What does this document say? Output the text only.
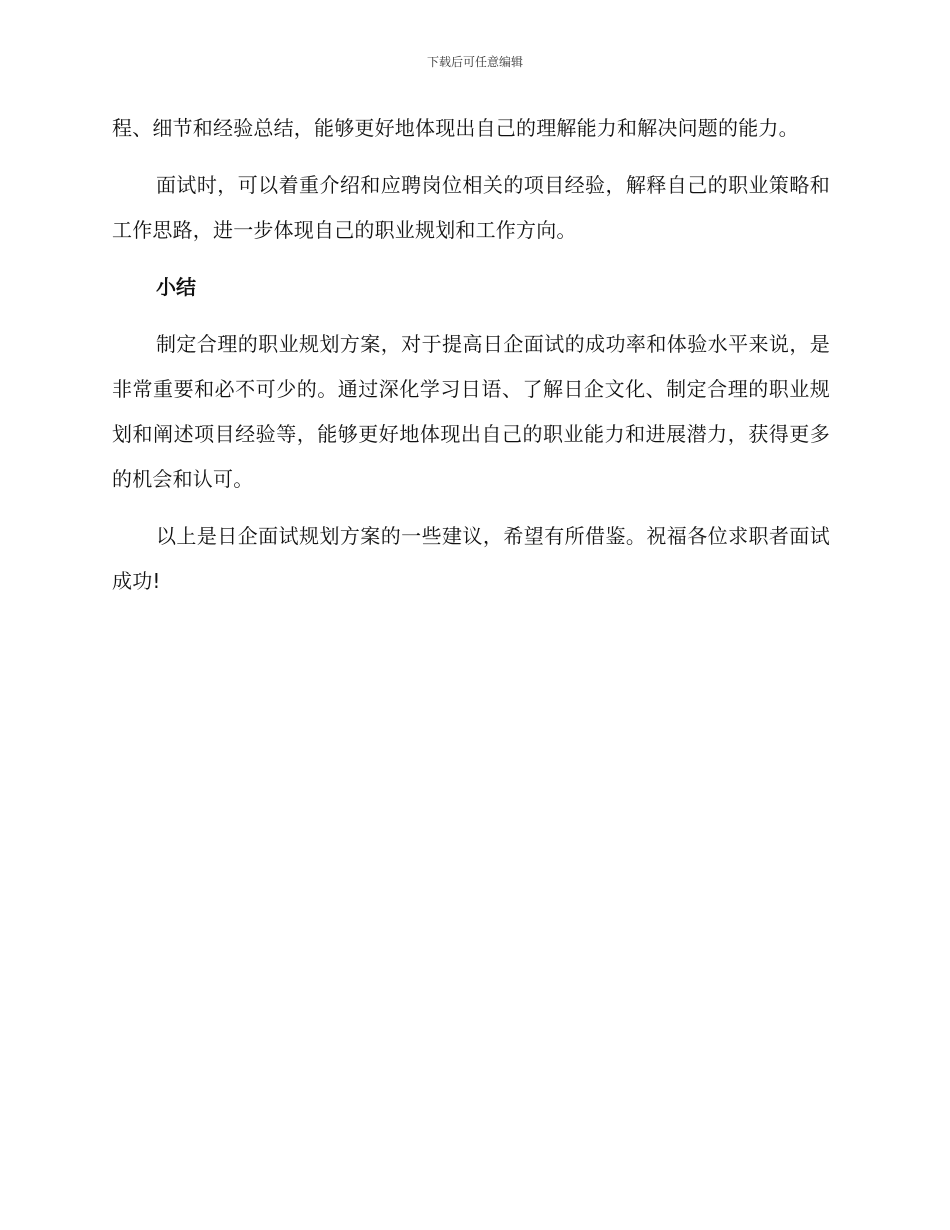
下载后可任意编辑

程、细节和经验总结，能够更好地体现出自己的理解能力和解决问题的能力。

面试时，可以着重介绍和应聘岗位相关的项目经验，解释自己的职业策略和工作思路，进一步体现自己的职业规划和工作方向。

小结

制定合理的职业规划方案，对于提高日企面试的成功率和体验水平来说，是非常重要和必不可少的。通过深化学习日语、了解日企文化、制定合理的职业规划和阐述项目经验等，能够更好地体现出自己的职业能力和进展潜力，获得更多的机会和认可。

以上是日企面试规划方案的一些建议，希望有所借鉴。祝福各位求职者面试成功!
